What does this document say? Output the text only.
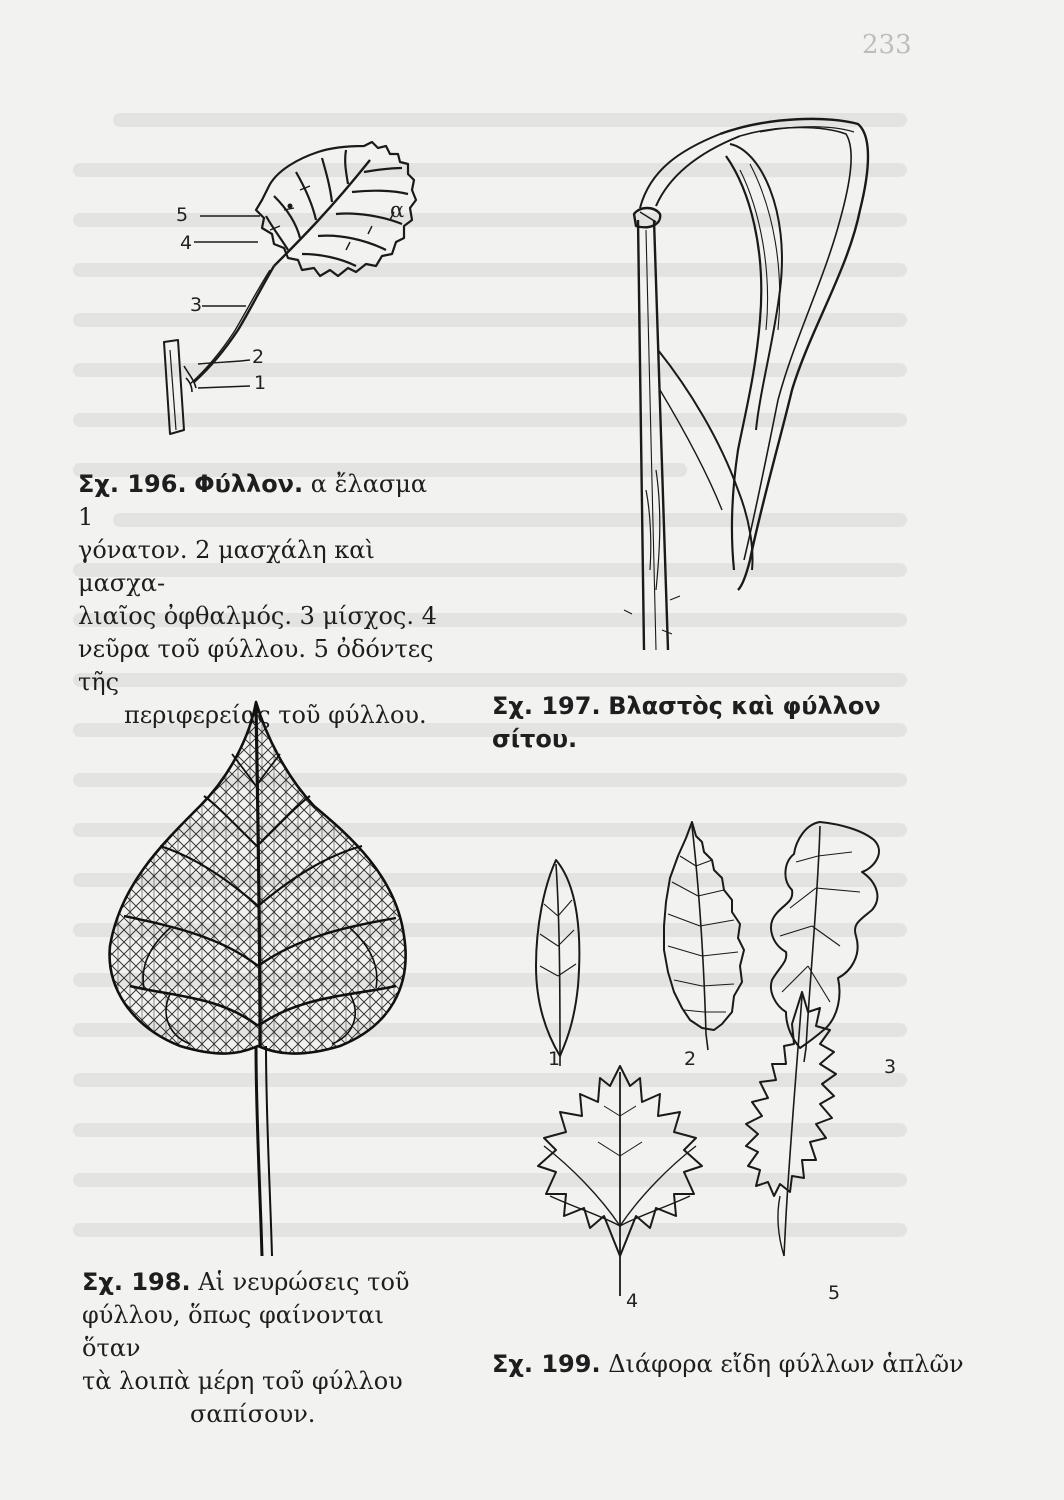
233
5	α
4
3
2
1
Σχ. 196. Φύλλον. α ἔλασμα 1
γόνατον. 2 μασχάλη καὶ μασχα-
λιαῖος ὀφθαλμός. 3 μίσχος. 4
νεῦρα τοῦ φύλλου. 5 ὀδόντες τῆς
περιφερείας τοῦ φύλλου.	Σχ. 197. Βλαστὸς καὶ φύλλον σίτου.
Σχ. 198. Αἱ νευρώσεις τοῦ
φύλλου, ὅπως φαίνονται ὅταν
τὰ λοιπὰ μέρη τοῦ φύλλου
σαπίσουν.
1	2	3
4	5
Σχ. 199. Διάφορα εἴδη φύλλων ἁπλῶν
